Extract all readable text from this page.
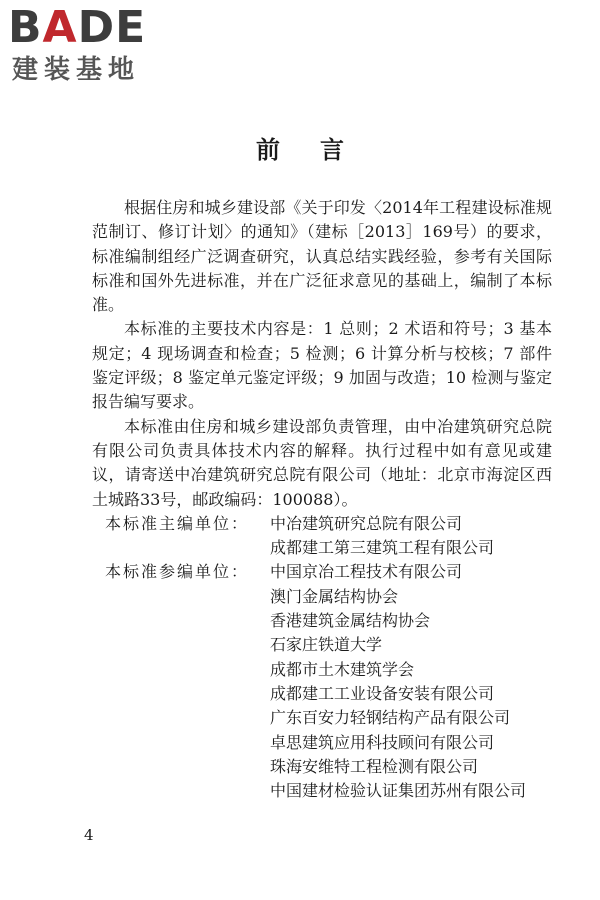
BADE
建装基地
前言

根据住房和城乡建设部《关于印发〈2014年工程建设标准规范制订、修订计划〉的通知》（建标［2013］169号）的要求，标准编制组经广泛调查研究，认真总结实践经验，参考有关国际标准和国外先进标准，并在广泛征求意见的基础上，编制了本标准。

本标准的主要技术内容是：1 总则；2 术语和符号；3 基本规定；4 现场调查和检查；5 检测；6 计算分析与校核；7 部件鉴定评级；8 鉴定单元鉴定评级；9 加固与改造；10 检测与鉴定报告编写要求。

本标准由住房和城乡建设部负责管理，由中冶建筑研究总院有限公司负责具体技术内容的解释。执行过程中如有意见或建议，请寄送中冶建筑研究总院有限公司（地址：北京市海淀区西土城路33号，邮政编码：100088）。

本标准主编单位：	中冶建筑研究总院有限公司
成都建工第三建筑工程有限公司
本标准参编单位：	中国京冶工程技术有限公司
澳门金属结构协会
香港建筑金属结构协会
石家庄铁道大学
成都市土木建筑学会
成都建工工业设备安装有限公司
广东百安力轻钢结构产品有限公司
卓思建筑应用科技顾问有限公司
珠海安维特工程检测有限公司
中国建材检验认证集团苏州有限公司
4
